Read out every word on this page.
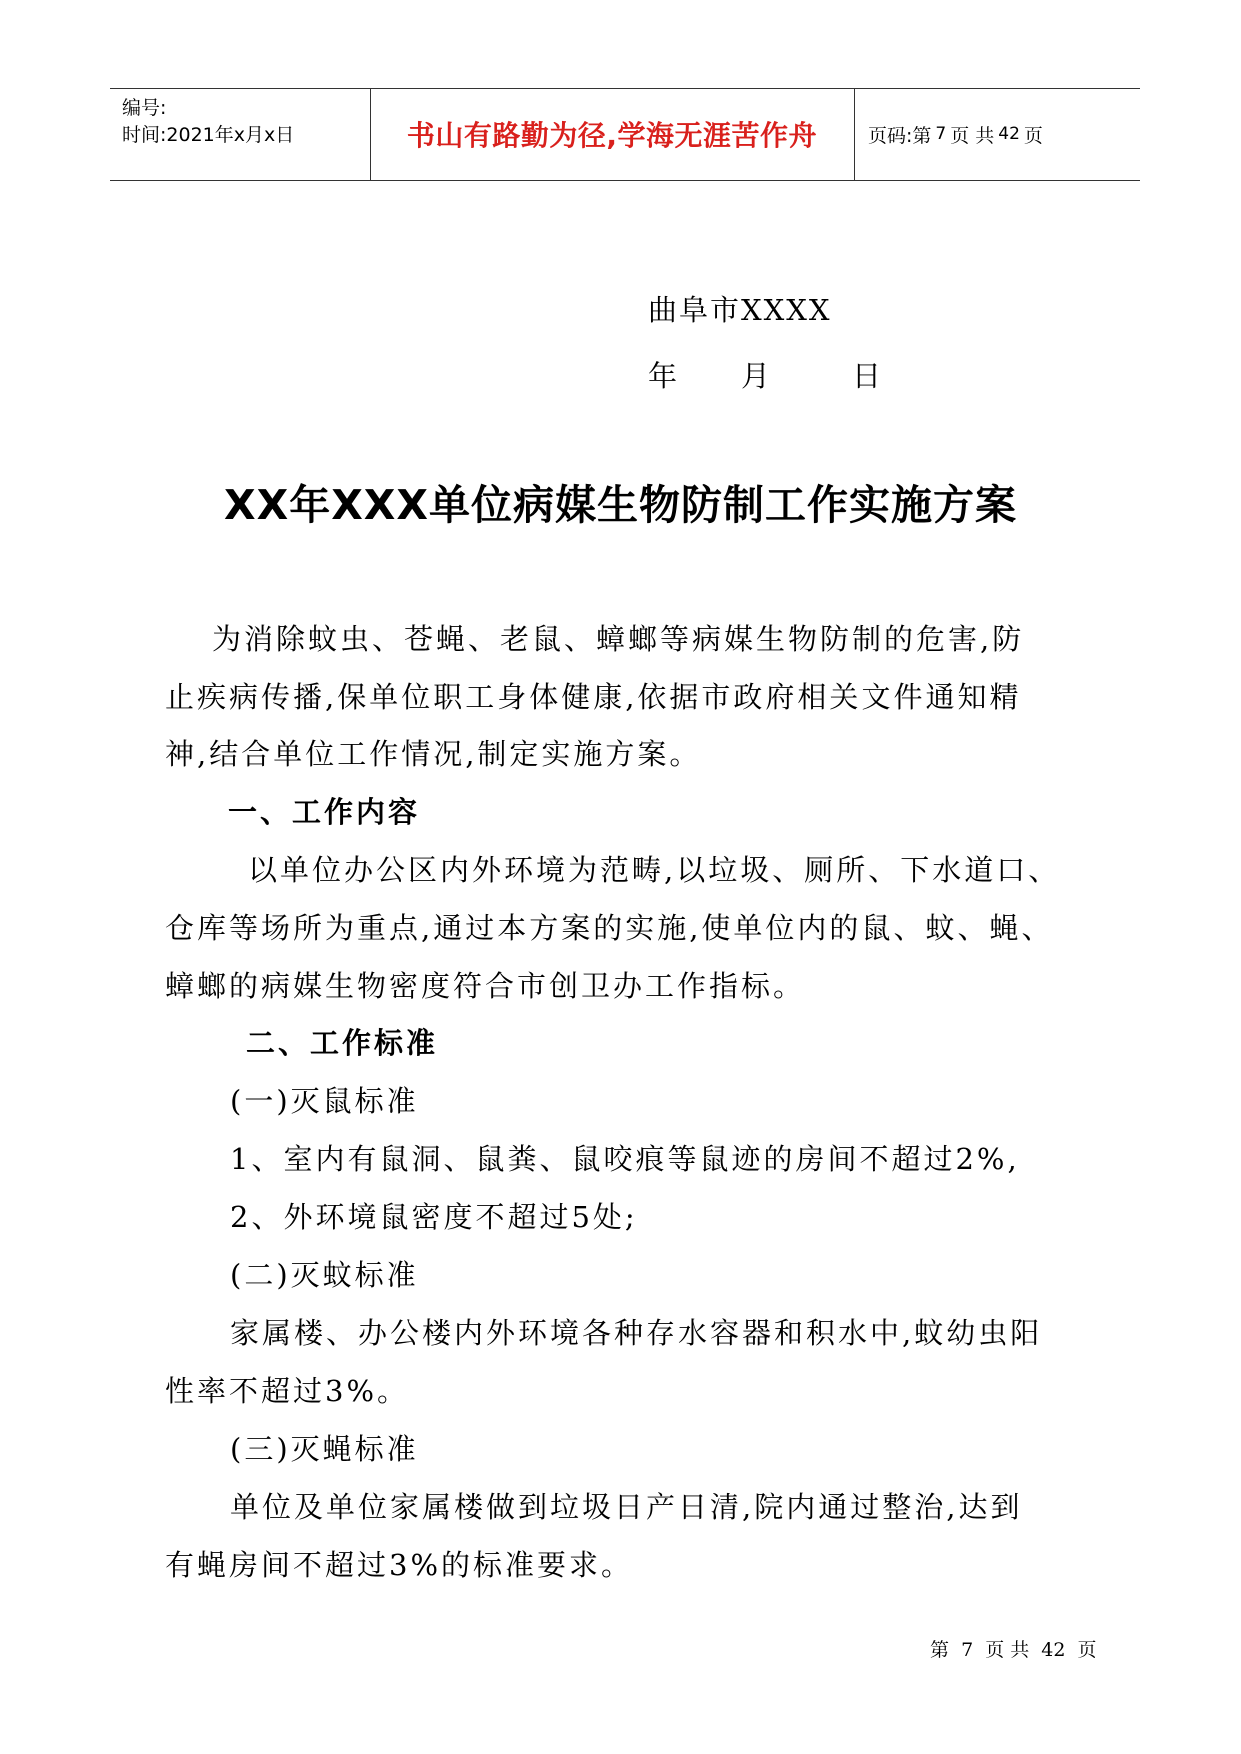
编号:
时间:2021年x月x日	书山有路勤为径,学海无涯苦作舟	页码:第 7 页 共 42 页
曲阜市XXXX
年 月	日
XX年XXX单位病媒生物防制工作实施方案
为消除蚊虫、苍蝇、老鼠、蟑螂等病媒生物防制的危害,防
止疾病传播,保单位职工身体健康,依据市政府相关文件通知精
神,结合单位工作情况,制定实施方案。
一、工作内容
以单位办公区内外环境为范畴,以垃圾、厕所、下水道口、
仓库等场所为重点,通过本方案的实施,使单位内的鼠、蚊、蝇、
蟑螂的病媒生物密度符合市创卫办工作指标。
二、工作标准
(一)灭鼠标准
1、室内有鼠洞、鼠粪、鼠咬痕等鼠迹的房间不超过2%,
2、外环境鼠密度不超过5处;
(二)灭蚊标准
家属楼、办公楼内外环境各种存水容器和积水中,蚊幼虫阳
性率不超过3%。
(三)灭蝇标准
单位及单位家属楼做到垃圾日产日清,院内通过整治,达到
有蝇房间不超过3%的标准要求。
第 7 页 共 42 页
